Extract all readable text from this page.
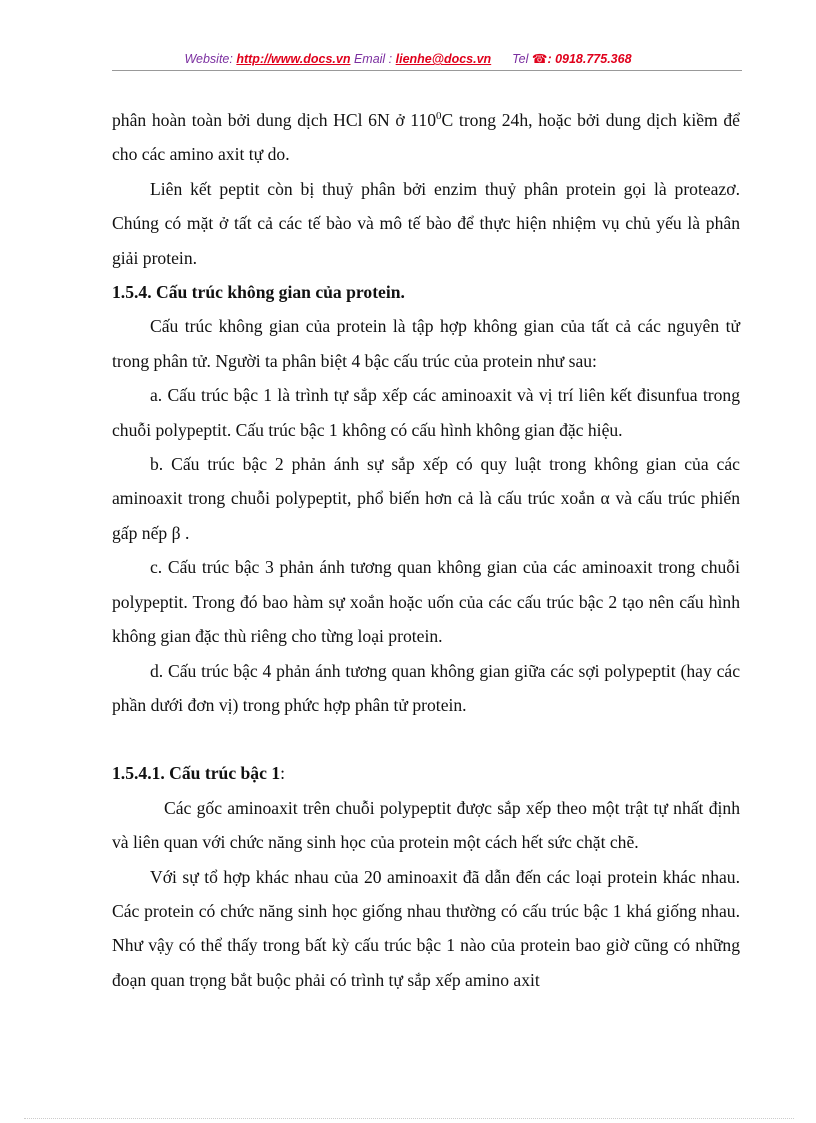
Website: http://www.docs.vn Email : lienhe@docs.vn Tel ☎: 0918.775.368

phân hoàn toàn bởi dung dịch HCl 6N ở $110^0C$ trong 24h, hoặc bởi dung dịch kiềm để cho các amino axit tự do.

Liên kết peptit còn bị thuỷ phân bởi enzim thuỷ phân protein gọi là proteazơ. Chúng có mặt ở tất cả các tế bào và mô tế bào để thực hiện nhiệm vụ chủ yếu là phân giải protein.

1.5.4. Cấu trúc không gian của protein.

Cấu trúc không gian của protein là tập hợp không gian của tất cả các nguyên tử trong phân tử. Người ta phân biệt 4 bậc cấu trúc của protein như sau:

a. Cấu trúc bậc 1 là trình tự sắp xếp các aminoaxit và vị trí liên kết đisunfua trong chuỗi polypeptit. Cấu trúc bậc 1 không có cấu hình không gian đặc hiệu.

b. Cấu trúc bậc 2 phản ánh sự sắp xếp có quy luật trong không gian của các aminoaxit trong chuỗi polypeptit, phổ biến hơn cả là cấu trúc xoắn α và cấu trúc phiến gấp nếp β .

c. Cấu trúc bậc 3 phản ánh tương quan không gian của các aminoaxit trong chuỗi polypeptit. Trong đó bao hàm sự xoắn hoặc uốn của các cấu trúc bậc 2 tạo nên cấu hình không gian đặc thù riêng cho từng loại protein.

d. Cấu trúc bậc 4 phản ánh tương quan không gian giữa các sợi polypeptit (hay các phần dưới đơn vị) trong phức hợp phân tử protein.

1.5.4.1. Cấu trúc bậc 1:

Các gốc aminoaxit trên chuỗi polypeptit được sắp xếp theo một trật tự nhất định và liên quan với chức năng sinh học của protein một cách hết sức chặt chẽ.

Với sự tổ hợp khác nhau của 20 aminoaxit đã dẫn đến các loại protein khác nhau. Các protein có chức năng sinh học giống nhau thường có cấu trúc bậc 1 khá giống nhau. Như vậy có thể thấy trong bất kỳ cấu trúc bậc 1 nào của protein bao giờ cũng có những đoạn quan trọng bắt buộc phải có trình tự sắp xếp amino axit
